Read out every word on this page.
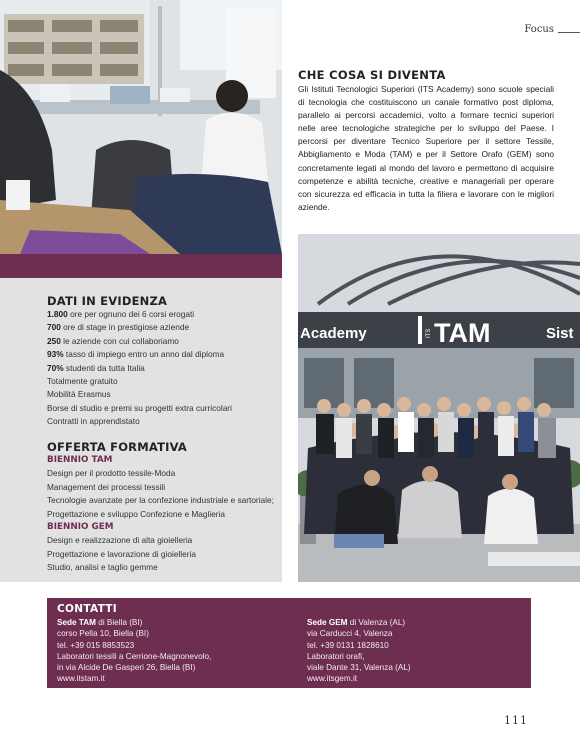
Focus
CHE COSA SI DIVENTA
Gli Istituti Tecnologici Superiori (ITS Academy) sono scuole speciali di tecnologia che costituiscono un canale formativo post diploma, parallelo ai percorsi accademici, volto a formare tecnici superiori nelle aree tecnologiche strategiche per lo sviluppo del Paese. I percorsi per diventare Tecnico Superiore per il settore Tessile, Abbigliamento e Moda (TAM) e per il Settore Orafo (GEM) sono concretamente legati al mondo del lavoro e permettono di acquisire competenze e abilità tecniche, creative e manageriali per operare con sicurezza ed efficacia in tutta la filiera e lavorare con le migliori aziende.
DATI IN EVIDENZA
1.800 ore per ognuno dei 6 corsi erogati
700 ore di stage in prestigiose aziende
250 le aziende con cui collaboriamo
93% tasso di impiego entro un anno dal diploma
70% studenti da tutta Italia
Totalmente gratuito
Mobilità Erasmus
Borse di studio e premi su progetti extra curricolari
Contratti in apprendistato
OFFERTA FORMATIVA
BIENNIO TAM
Design per il prodotto tessile-Moda
Management dei processi tessili
Tecnologie avanzate per la confezione industriale e sartoriale;
Progettazione e sviluppo Confezione e Maglieria
BIENNIO GEM
Design e realizzazione di alta gioielleria
Progettazione e lavorazione di gioielleria
Studio, analisi e taglio gemme
Academy	ITS TAM	Sist
CONTATTI
Sede TAM di Biella (BI)
corso Pella 10, Biella (BI)
tel. +39 015 8853523
Laboratori tessili a Cerrione-Magnonevolo,
in via Alcide De Gasperi 26, Biella (BI)
www.itstam.it
Sede GEM di Valenza (AL)
via Carducci 4, Valenza
tel. +39 0131 1828610
Laboratori orafi,
viale Dante 31, Valenza (AL)
www.itsgem.it
111
